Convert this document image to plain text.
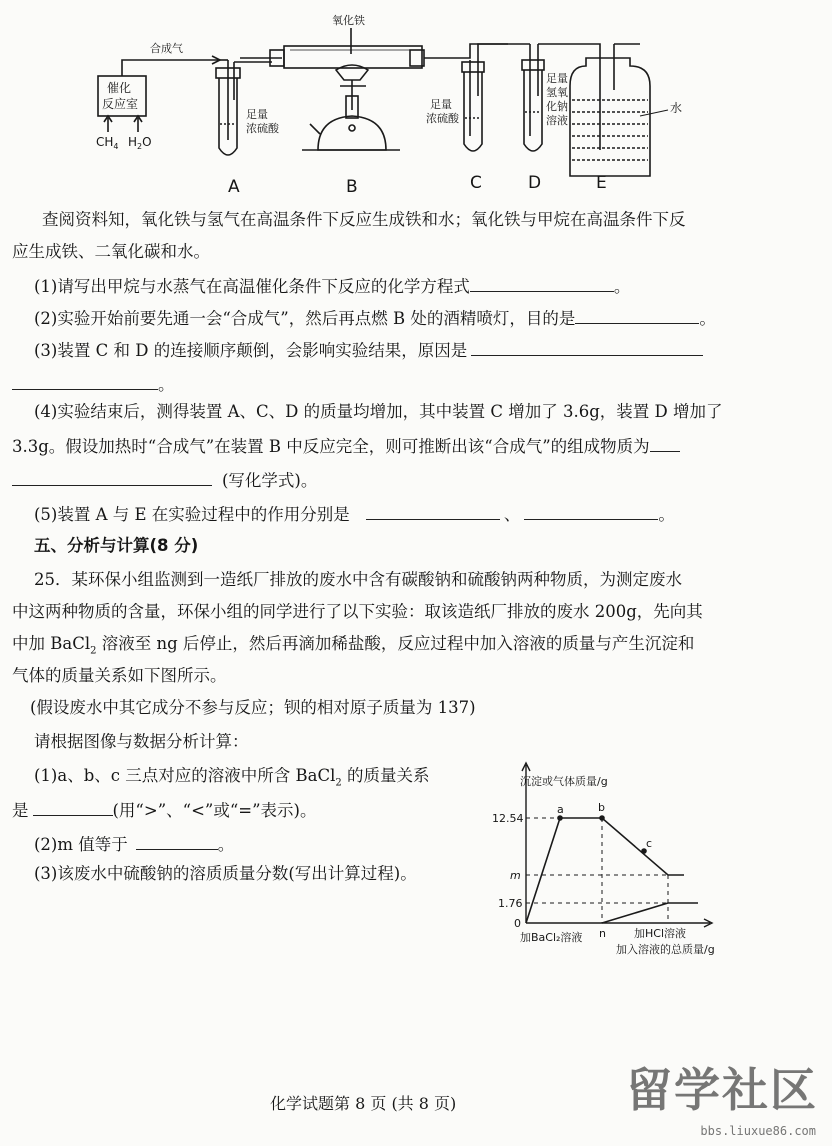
合成气
催化
反应室
$CH_4$ $H_2O$
氧化铁
足量
浓硫酸
足量
浓硫酸
足量
氢氧
化钠
溶液
水
A	B	C	D	E
查阅资料知，氧化铁与氢气在高温条件下反应生成铁和水；氧化铁与甲烷在高温条件下反
应生成铁、二氧化碳和水。
(1)请写出甲烷与水蒸气在高温催化条件下反应的化学方程式	。
(2)实验开始前要先通一会“合成气”，然后再点燃 B 处的酒精喷灯，目的是	。
(3)装置 C 和 D 的连接顺序颠倒，会影响实验结果，原因是
。
(4)实验结束后，测得装置 A、C、D 的质量均增加，其中装置 C 增加了 3.6g，装置 D 增加了
3.3g。假设加热时“合成气”在装置 B 中反应完全，则可推断出该“合成气”的组成物质为
(写化学式)。
(5)装置 A 与 E 在实验过程中的作用分别是	、	。
五、分析与计算(8 分)
25．某环保小组监测到一造纸厂排放的废水中含有碳酸钠和硫酸钠两种物质，为测定废水
中这两种物质的含量，环保小组的同学进行了以下实验：取该造纸厂排放的废水 200g，先向其
中加 BaCl$_2$ 溶液至 ng 后停止，然后再滴加稀盐酸，反应过程中加入溶液的质量与产生沉淀和
气体的质量关系如下图所示。
(假设废水中其它成分不参与反应；钡的相对原子质量为 137)
请根据图像与数据分析计算：
(1)a、b、c 三点对应的溶液中所含 BaCl$_2$ 的质量关系
是	(用“>”、“<”或“=”表示)。
(2)m 值等于	。
(3)该废水中硫酸钠的溶质质量分数(写出计算过程)。
沉淀或气体质量/g
12.54
m
1.76
0
a	b
c
n
加BaCl₂溶液	加HCl溶液
加入溶液的总质量/g
化学试题第 8 页 (共 8 页)	留学社区
bbs.liuxue86.com
